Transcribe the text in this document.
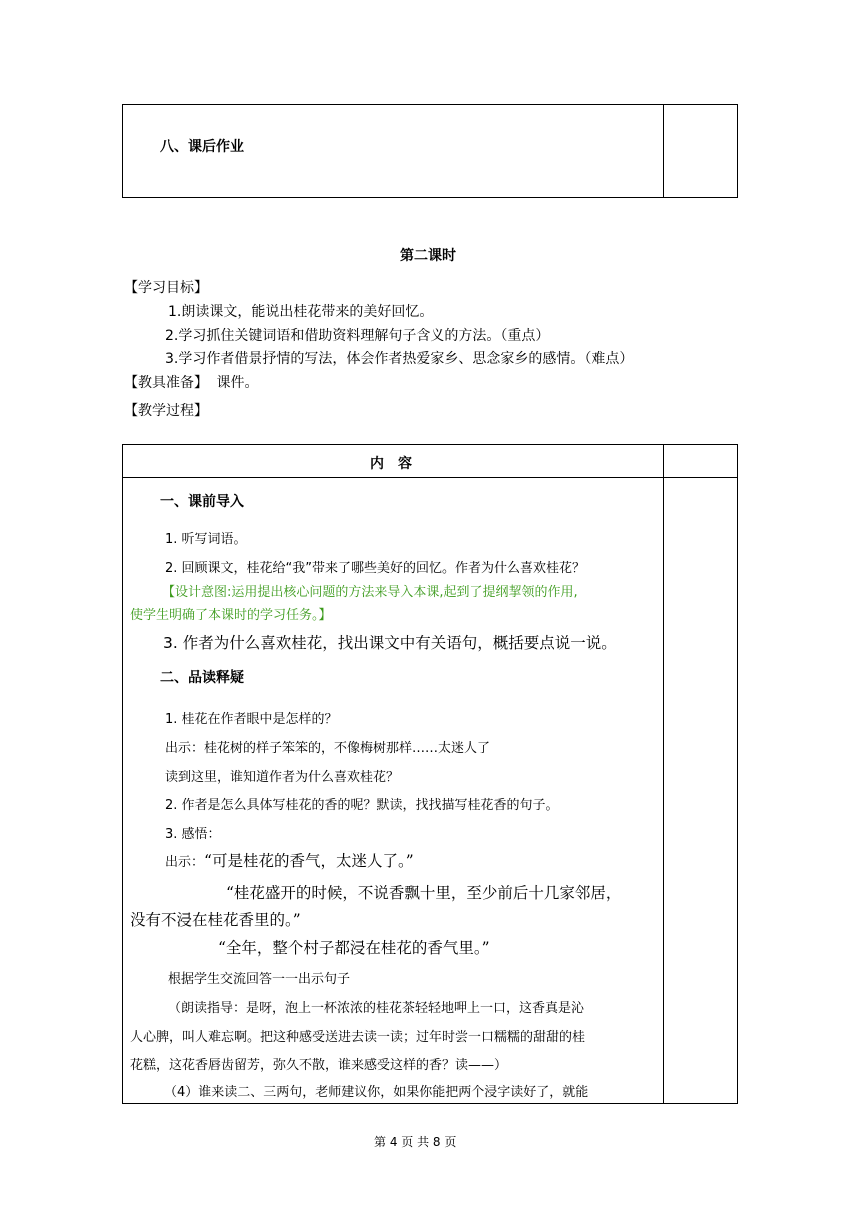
八、课后作业
第二课时
【学习目标】
1.朗读课文，能说出桂花带来的美好回忆。
2.学习抓住关键词语和借助资料理解句子含义的方法。（重点）
3.学习作者借景抒情的写法，体会作者热爱家乡、思念家乡的感情。（难点）
【教具准备】 课件。
【教学过程】
内　容
一、课前导入
1. 听写词语。
2. 回顾课文，桂花给“我”带来了哪些美好的回忆。作者为什么喜欢桂花？
【设计意图:运用提出核心问题的方法来导入本课,起到了提纲挈领的作用,
使学生明确了本课时的学习任务。】
3. 作者为什么喜欢桂花，找出课文中有关语句，概括要点说一说。
二、品读释疑
1. 桂花在作者眼中是怎样的？
出示：桂花树的样子笨笨的，不像梅树那样……太迷人了
读到这里，谁知道作者为什么喜欢桂花？
2. 作者是怎么具体写桂花的香的呢？默读，找找描写桂花香的句子。
3. 感悟：
出示：“可是桂花的香气，太迷人了。”
“桂花盛开的时候，不说香飘十里，至少前后十几家邻居，
没有不浸在桂花香里的。”
“全年，整个村子都浸在桂花的香气里。”
根据学生交流回答一一出示句子
（朗读指导：是呀，泡上一杯浓浓的桂花茶轻轻地呷上一口，这香真是沁
人心脾，叫人难忘啊。把这种感受送进去读一读；过年时尝一口糯糯的甜甜的桂
花糕，这花香唇齿留芳，弥久不散，谁来感受这样的香？读——）
（4）谁来读二、三两句，老师建议你，如果你能把两个浸字读好了，就能
第 4 页 共 8 页
